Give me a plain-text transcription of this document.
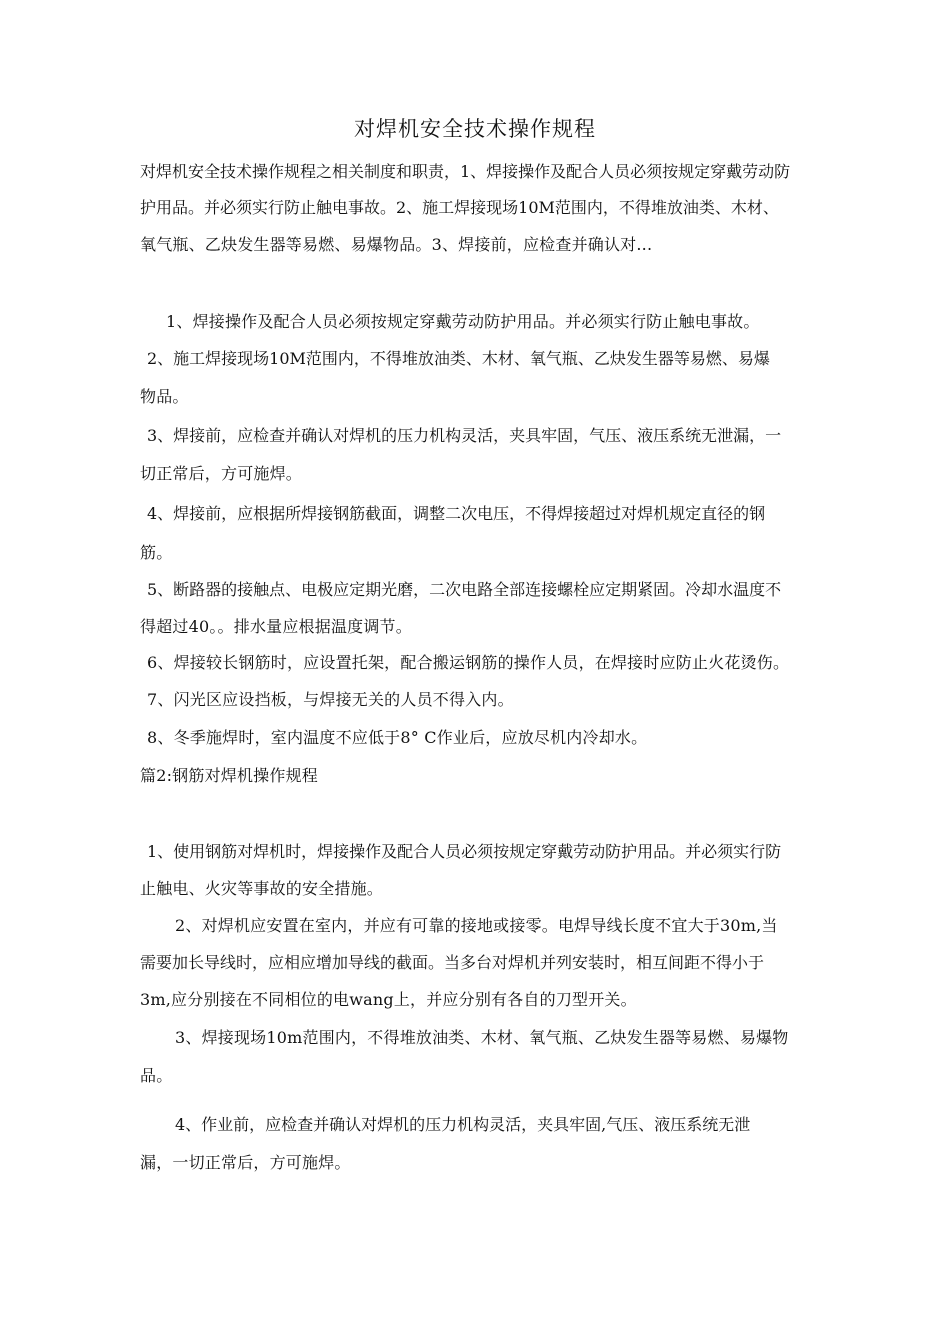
对焊机安全技术操作规程
对焊机安全技术操作规程之相关制度和职责，1、焊接操作及配合人员必须按规定穿戴劳动防
护用品。并必须实行防止触电事故。2、施工焊接现场10M范围内，不得堆放油类、木材、
氧气瓶、乙炔发生器等易燃、易爆物品。3、焊接前，应检查并确认对...
1、焊接操作及配合人员必须按规定穿戴劳动防护用品。并必须实行防止触电事故。
2、施工焊接现场10M范围内，不得堆放油类、木材、氧气瓶、乙炔发生器等易燃、易爆
物品。
3、焊接前，应检查并确认对焊机的压力机构灵活，夹具牢固，气压、液压系统无泄漏，一
切正常后，方可施焊。
4、焊接前，应根据所焊接钢筋截面，调整二次电压，不得焊接超过对焊机规定直径的钢
筋。
5、断路器的接触点、电极应定期光磨，二次电路全部连接螺栓应定期紧固。冷却水温度不
得超过40。。排水量应根据温度调节。
6、焊接较长钢筋时，应设置托架，配合搬运钢筋的操作人员，在焊接时应防止火花烫伤。
7、闪光区应设挡板，与焊接无关的人员不得入内。
8、冬季施焊时，室内温度不应低于8° C作业后，应放尽机内冷却水。
篇2:钢筋对焊机操作规程
1、使用钢筋对焊机时，焊接操作及配合人员必须按规定穿戴劳动防护用品。并必须实行防
止触电、火灾等事故的安全措施。
2、对焊机应安置在室内，并应有可靠的接地或接零。电焊导线长度不宜大于30m,当
需要加长导线时，应相应增加导线的截面。当多台对焊机并列安装时，相互间距不得小于
3m,应分别接在不同相位的电wang上，并应分别有各自的刀型开关。
3、焊接现场10m范围内，不得堆放油类、木材、氧气瓶、乙炔发生器等易燃、易爆物
品。
4、作业前，应检查并确认对焊机的压力机构灵活，夹具牢固,气压、液压系统无泄
漏，一切正常后，方可施焊。
